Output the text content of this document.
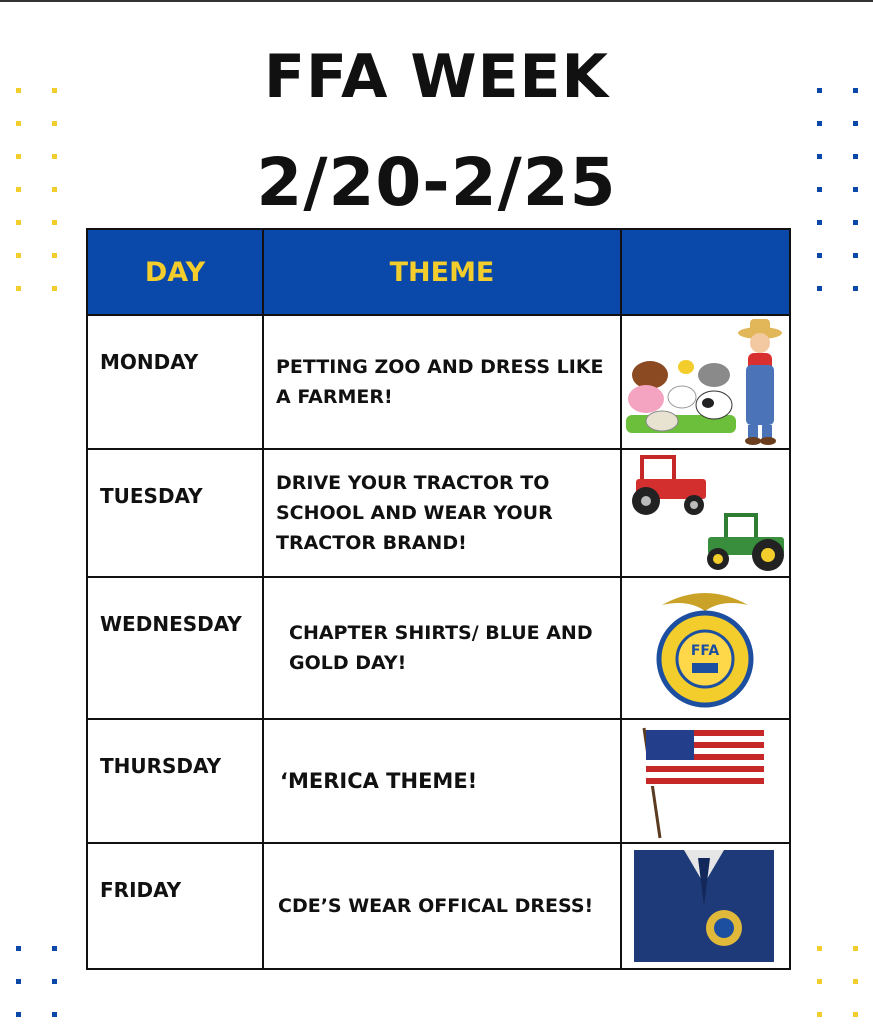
FFA WEEK
2/20-2/25
DAY	THEME	
MONDAY	PETTING ZOO AND DRESS LIKE A FARMER!	

TUESDAY	DRIVE YOUR TRACTOR TO SCHOOL AND WEAR YOUR TRACTOR BRAND!	

WEDNESDAY	CHAPTER SHIRTS/ BLUE AND GOLD DAY!	FFA

THURSDAY	‘MERICA THEME!	

FRIDAY	CDE’S WEAR OFFICAL DRESS!	
